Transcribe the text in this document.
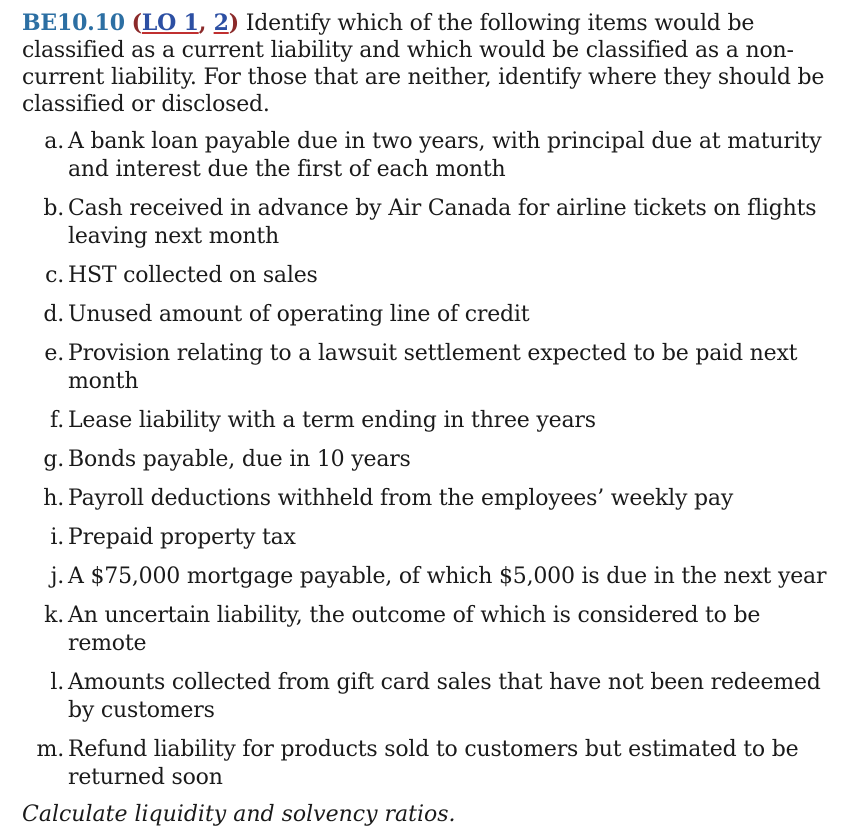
BE10.10 (LO 1, 2) Identify which of the following items would be classified as a current liability and which would be classified as a non-current liability. For those that are neither, identify where they should be classified or disclosed.

a. A bank loan payable due in two years, with principal due at maturity and interest due the first of each month
b. Cash received in advance by Air Canada for airline tickets on flights leaving next month
c. HST collected on sales
d. Unused amount of operating line of credit
e. Provision relating to a lawsuit settlement expected to be paid next month
f. Lease liability with a term ending in three years
g. Bonds payable, due in 10 years
h. Payroll deductions withheld from the employees’ weekly pay
i. Prepaid property tax
j. A $75,000 mortgage payable, of which $5,000 is due in the next year
k. An uncertain liability, the outcome of which is considered to be remote
l. Amounts collected from gift card sales that have not been redeemed by customers
m. Refund liability for products sold to customers but estimated to be returned soon

Calculate liquidity and solvency ratios.
